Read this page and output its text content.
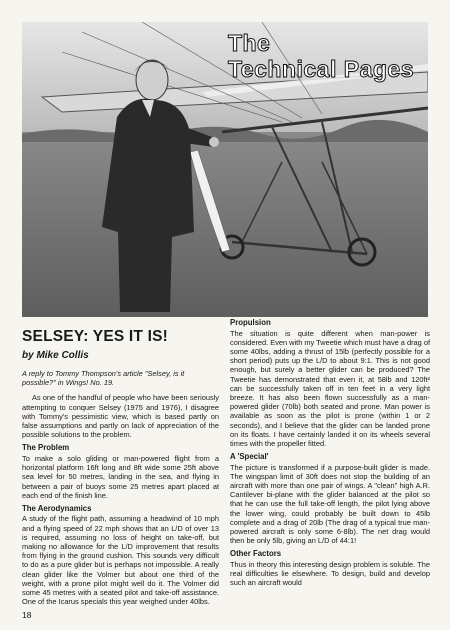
The
Technical Pages
SELSEY: YES IT IS!
by Mike Collis
A reply to Tommy Thompson's article "Selsey, is it possible?" in Wings! No. 19.

As one of the handful of people who have been seriously attempting to conquer Selsey (1975 and 1976), I disagree with Tommy's pessimistic view, which is based partly on false assumptions and partly on lack of appreciation of the possible solutions to the problem.

The Problem

To make a solo gliding or man-powered flight from a horizontal platform 16ft long and 8ft wide some 25ft above sea level for 50 metres, landing in the sea, and flying in between a pair of buoys some 25 metres apart placed at each end of the finish line.

The Aerodynamics

A study of the flight path, assuming a headwind of 10 mph and a flying speed of 22 mph shows that an L/D of over 13 is required, assuming no loss of height on take-off, but making no allowance for the L/D improvement that results from flying in the ground cushion. This sounds very difficult to do as a pure glider but is perhaps not impossible. A really clean glider like the Volmer but about one third of the weight, with a prone pilot might well do it. The Volmer did some 45 metres with a seated pilot and take-off assistance. One of the Icarus specials this year weighed under 40lbs.

Propulsion

The situation is quite different when man-power is considered. Even with my Tweetie which must have a drag of some 40lbs, adding a thrust of 15lb (perfectly possible for a short period) puts up the L/D to about 9:1. This is not good enough, but surely a better glider can be produced? The Tweetie has demonstrated that even it, at 58lb and 120ft² can be successfully taken off in ten feet in a very light breeze. It has also been flown successfully as a man-powered glider (70lb) both seated and prone. Man power is available as soon as the pilot is prone (within 1 or 2 seconds), and I believe that the glider can be landed prone on its floats. I have certainly landed it on its wheels several times with the propeller fitted.

A 'Special'

The picture is transformed if a purpose-built glider is made. The wingspan limit of 30ft does not stop the building of an aircraft with more than one pair of wings. A "clean" high A.R. Cantilever bi-plane with the glider balanced at the pilot so that he can use the full take-off length, the pilot lying above the lower wing, could probably be built down to 45lb complete and a drag of 20lb (The drag of a typical true man-powered aircraft is only some 6-8lb). The net drag would then be only 5lb, giving an L/D of 44:1!

Other Factors

Thus in theory this interesting design problem is soluble. The real difficulties lie elsewhere. To design, build and develop such an aircraft would

18
